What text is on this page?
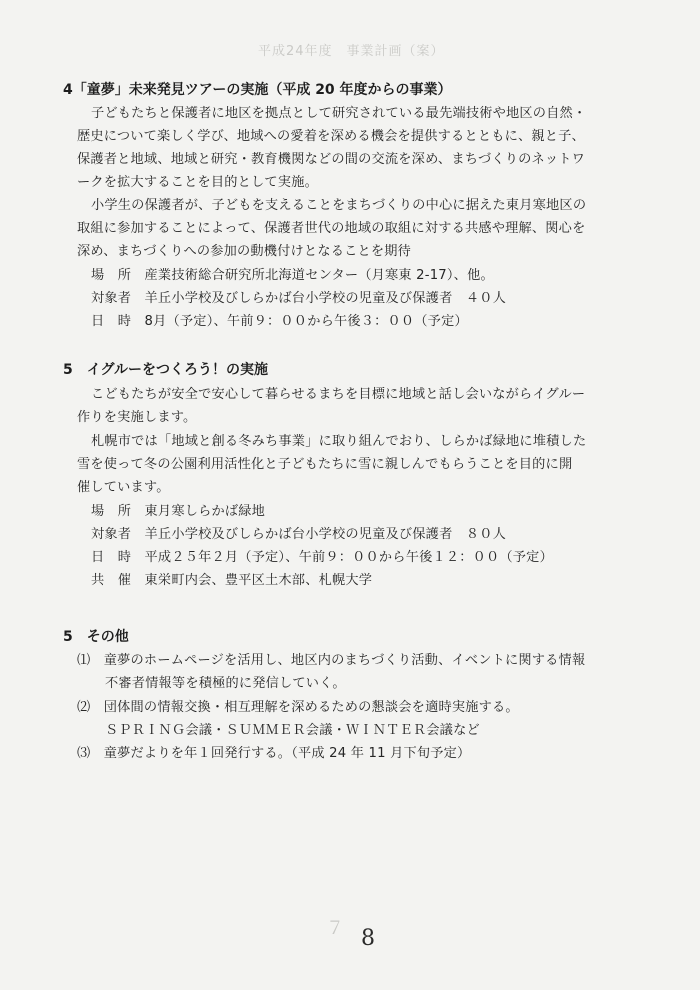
平成24年度　事業計画（案）
７
4「童夢」未来発見ツアーの実施（平成 20 年度からの事業）
子どもたちと保護者に地区を拠点として研究されている最先端技術や地区の自然・
歴史について楽しく学び、地域への愛着を深める機会を提供するとともに、親と子、
保護者と地域、地域と研究・教育機関などの間の交流を深め、まちづくりのネットワ
ークを拡大することを目的として実施。
小学生の保護者が、子どもを支えることをまちづくりの中心に据えた東月寒地区の
取組に参加することによって、保護者世代の地域の取組に対する共感や理解、関心を
深め、まちづくりへの参加の動機付けとなることを期待
場　所　産業技術総合研究所北海道センター（月寒東 2-17）、他。
対象者　羊丘小学校及びしらかば台小学校の児童及び保護者　４０人
日　時　8月（予定）、午前９：００から午後３：００（予定）
5　イグルーをつくろう！の実施
こどもたちが安全で安心して暮らせるまちを目標に地域と話し会いながらイグルー
作りを実施します。
札幌市では「地域と創る冬みち事業」に取り組んでおり、しらかば緑地に堆積した
雪を使って冬の公園利用活性化と子どもたちに雪に親しんでもらうことを目的に開
催しています。
場　所　東月寒しらかば緑地
対象者　羊丘小学校及びしらかば台小学校の児童及び保護者　８０人
日　時　平成２５年２月（予定）、午前９：００から午後１２：００（予定）
共　催　東栄町内会、豊平区土木部、札幌大学
5　その他
⑴　童夢のホームページを活用し、地区内のまちづくり活動、イベントに関する情報
不審者情報等を積極的に発信していく。
⑵　団体間の情報交換・相互理解を深めるための懇談会を適時実施する。
ＳＰＲＩＮＧ会議・ＳＵＭＭＥＲ会議・ＷＩＮＴＥＲ会議など
⑶　童夢だよりを年１回発行する。（平成 24 年 11 月下旬予定）
8
